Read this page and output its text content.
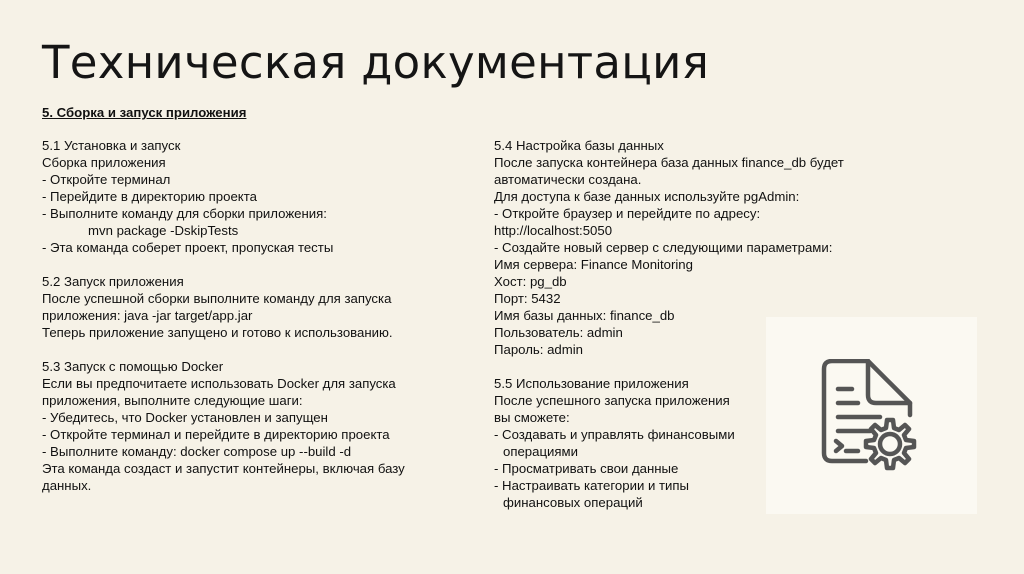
Техническая документация
5. Сборка и запуск приложения
5.1 Установка и запуск
Сборка приложения
- Откройте терминал
- Перейдите в директорию проекта
- Выполните команду для сборки приложения:
mvn package -DskipTests
- Эта команда соберет проект, пропуская тесты
5.2 Запуск приложения
После успешной сборки выполните команду для запуска
приложения: java -jar target/app.jar
Теперь приложение запущено и готово к использованию.
5.3 Запуск с помощью Docker
Если вы предпочитаете использовать Docker для запуска
приложения, выполните следующие шаги:
- Убедитесь, что Docker установлен и запущен
- Откройте терминал и перейдите в директорию проекта
- Выполните команду: docker compose up --build -d
Эта команда создаст и запустит контейнеры, включая базу
данных.
5.4 Настройка базы данных
После запуска контейнера база данных finance_db будет
автоматически создана.
Для доступа к базе данных используйте pgAdmin:
- Откройте браузер и перейдите по адресу:
http://localhost:5050
- Создайте новый сервер с следующими параметрами:
Имя сервера: Finance Monitoring
Хост: pg_db
Порт: 5432
Имя базы данных: finance_db
Пользователь: admin
Пароль: admin
5.5 Использование приложения
После успешного запуска приложения
вы сможете:
- Создавать и управлять финансовыми
операциями
- Просматривать свои данные
- Настраивать категории и типы
финансовых операций
